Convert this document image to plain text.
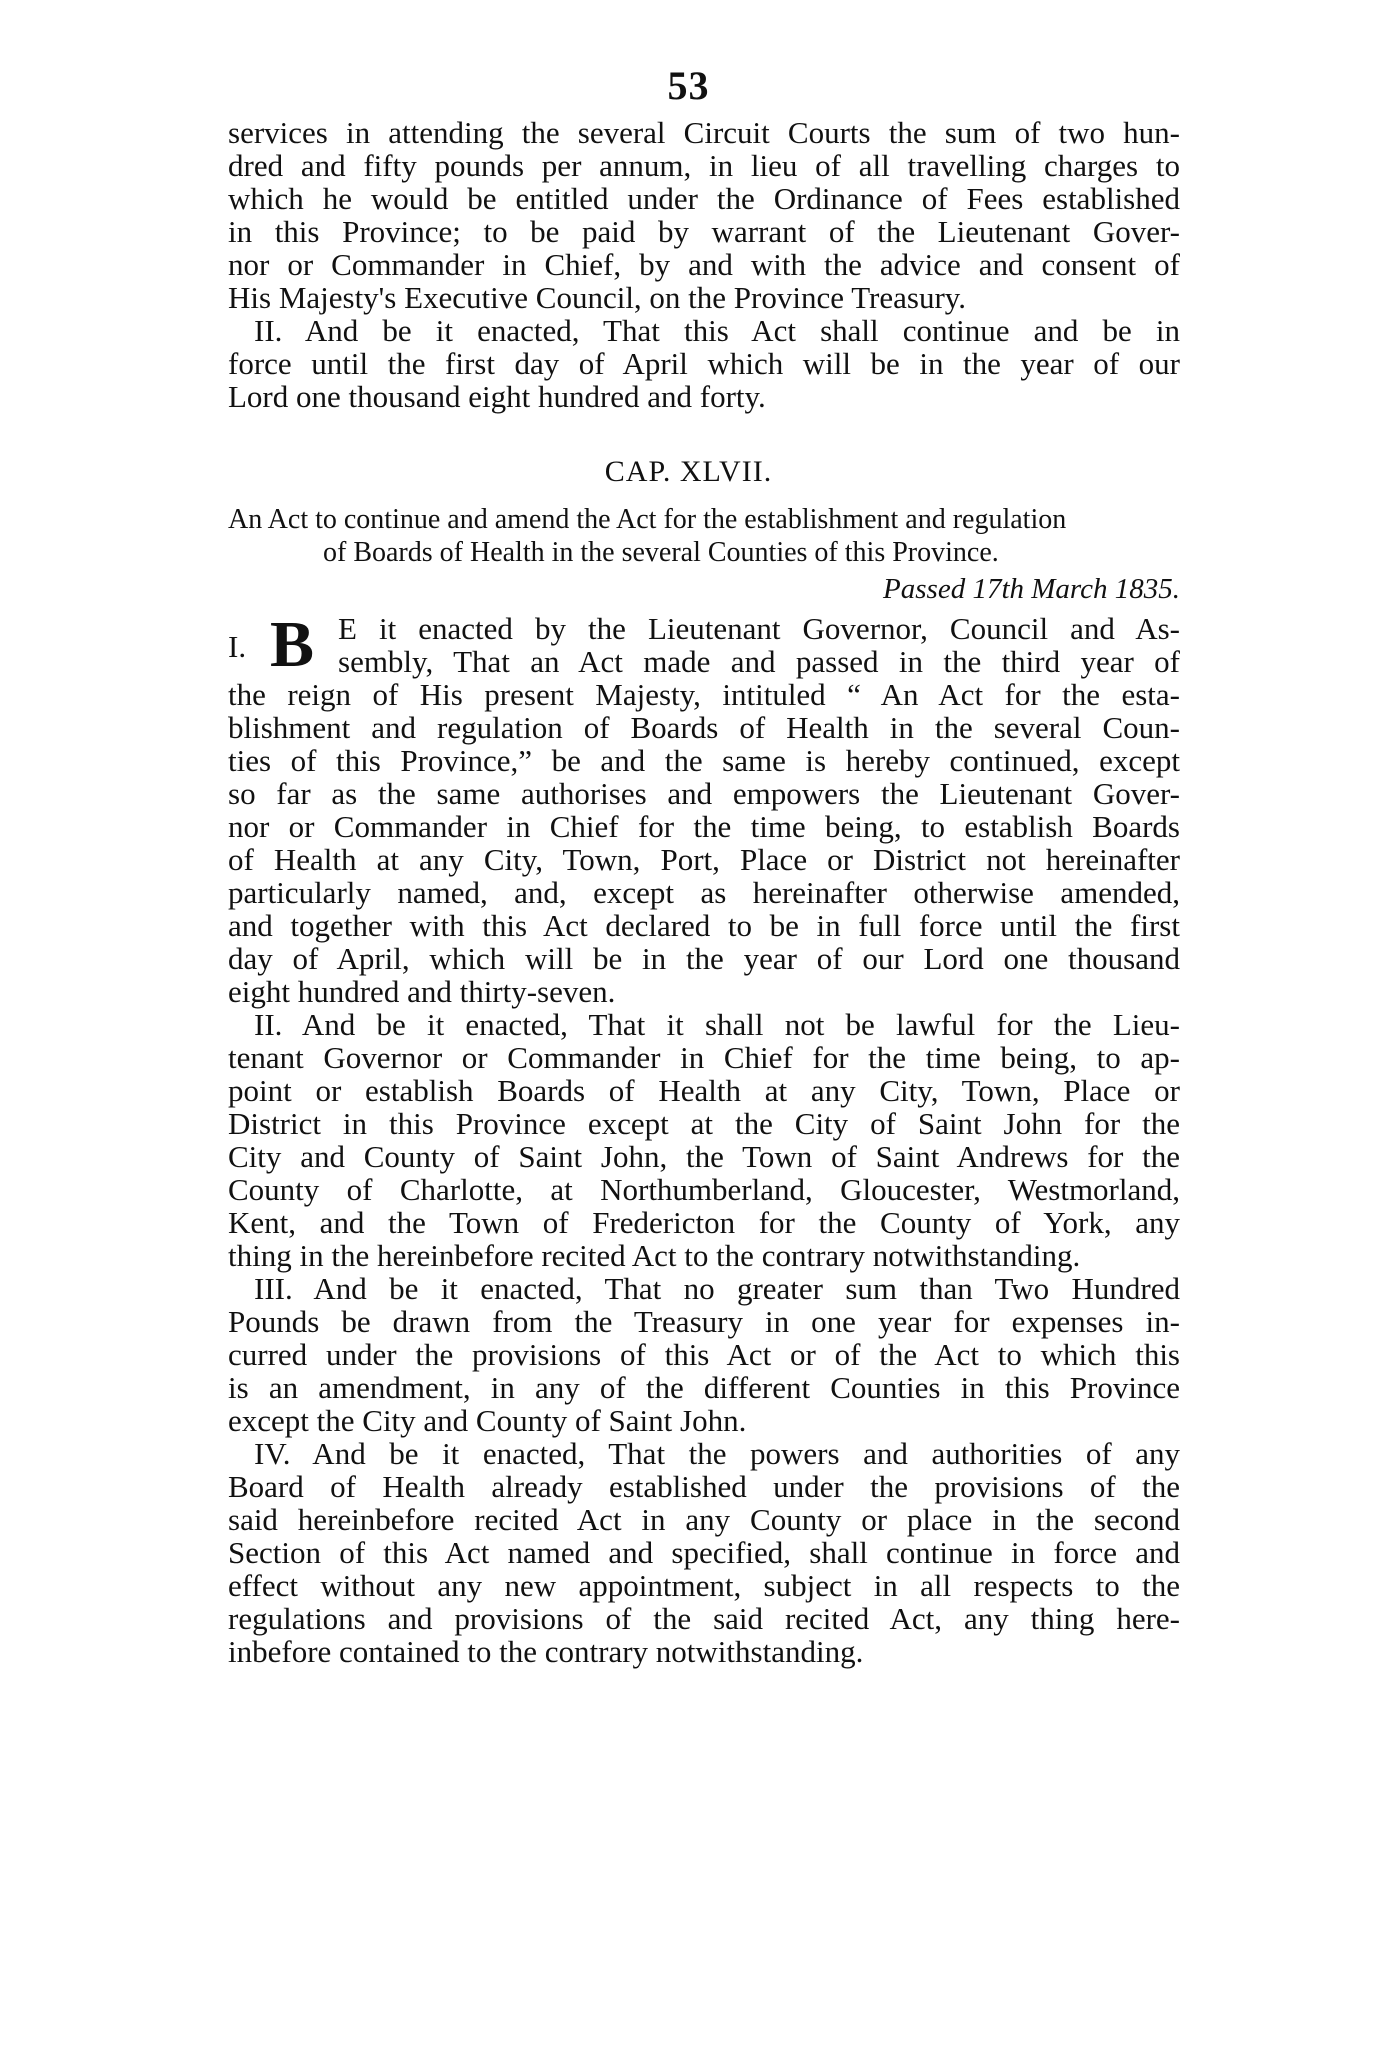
53
services in attending the several Circuit Courts the sum of two hun-
dred and fifty pounds per annum, in lieu of all travelling charges to
which he would be entitled under the Ordinance of Fees established
in this Province; to be paid by warrant of the Lieutenant Gover-
nor or Commander in Chief, by and with the advice and consent of
His Majesty's Executive Council, on the Province Treasury.
II. And be it enacted, That this Act shall continue and be in
force until the first day of April which will be in the year of our
Lord one thousand eight hundred and forty.
CAP. XLVII.
An Act to continue and amend the Act for the establishment and regulation
of Boards of Health in the several Counties of this Province.
Passed 17th March 1835.
I. B E it enacted by the Lieutenant Governor, Council and As-
sembly, That an Act made and passed in the third year of
the reign of His present Majesty, intituled “ An Act for the esta-
blishment and regulation of Boards of Health in the several Coun-
ties of this Province,” be and the same is hereby continued, except
so far as the same authorises and empowers the Lieutenant Gover-
nor or Commander in Chief for the time being, to establish Boards
of Health at any City, Town, Port, Place or District not hereinafter
particularly named, and, except as hereinafter otherwise amended,
and together with this Act declared to be in full force until the first
day of April, which will be in the year of our Lord one thousand
eight hundred and thirty-seven.
II. And be it enacted, That it shall not be lawful for the Lieu-
tenant Governor or Commander in Chief for the time being, to ap-
point or establish Boards of Health at any City, Town, Place or
District in this Province except at the City of Saint John for the
City and County of Saint John, the Town of Saint Andrews for the
County of Charlotte, at Northumberland, Gloucester, Westmorland,
Kent, and the Town of Fredericton for the County of York, any
thing in the hereinbefore recited Act to the contrary notwithstanding.
III. And be it enacted, That no greater sum than Two Hundred
Pounds be drawn from the Treasury in one year for expenses in-
curred under the provisions of this Act or of the Act to which this
is an amendment, in any of the different Counties in this Province
except the City and County of Saint John.
IV. And be it enacted, That the powers and authorities of any
Board of Health already established under the provisions of the
said hereinbefore recited Act in any County or place in the second
Section of this Act named and specified, shall continue in force and
effect without any new appointment, subject in all respects to the
regulations and provisions of the said recited Act, any thing here-
inbefore contained to the contrary notwithstanding.
